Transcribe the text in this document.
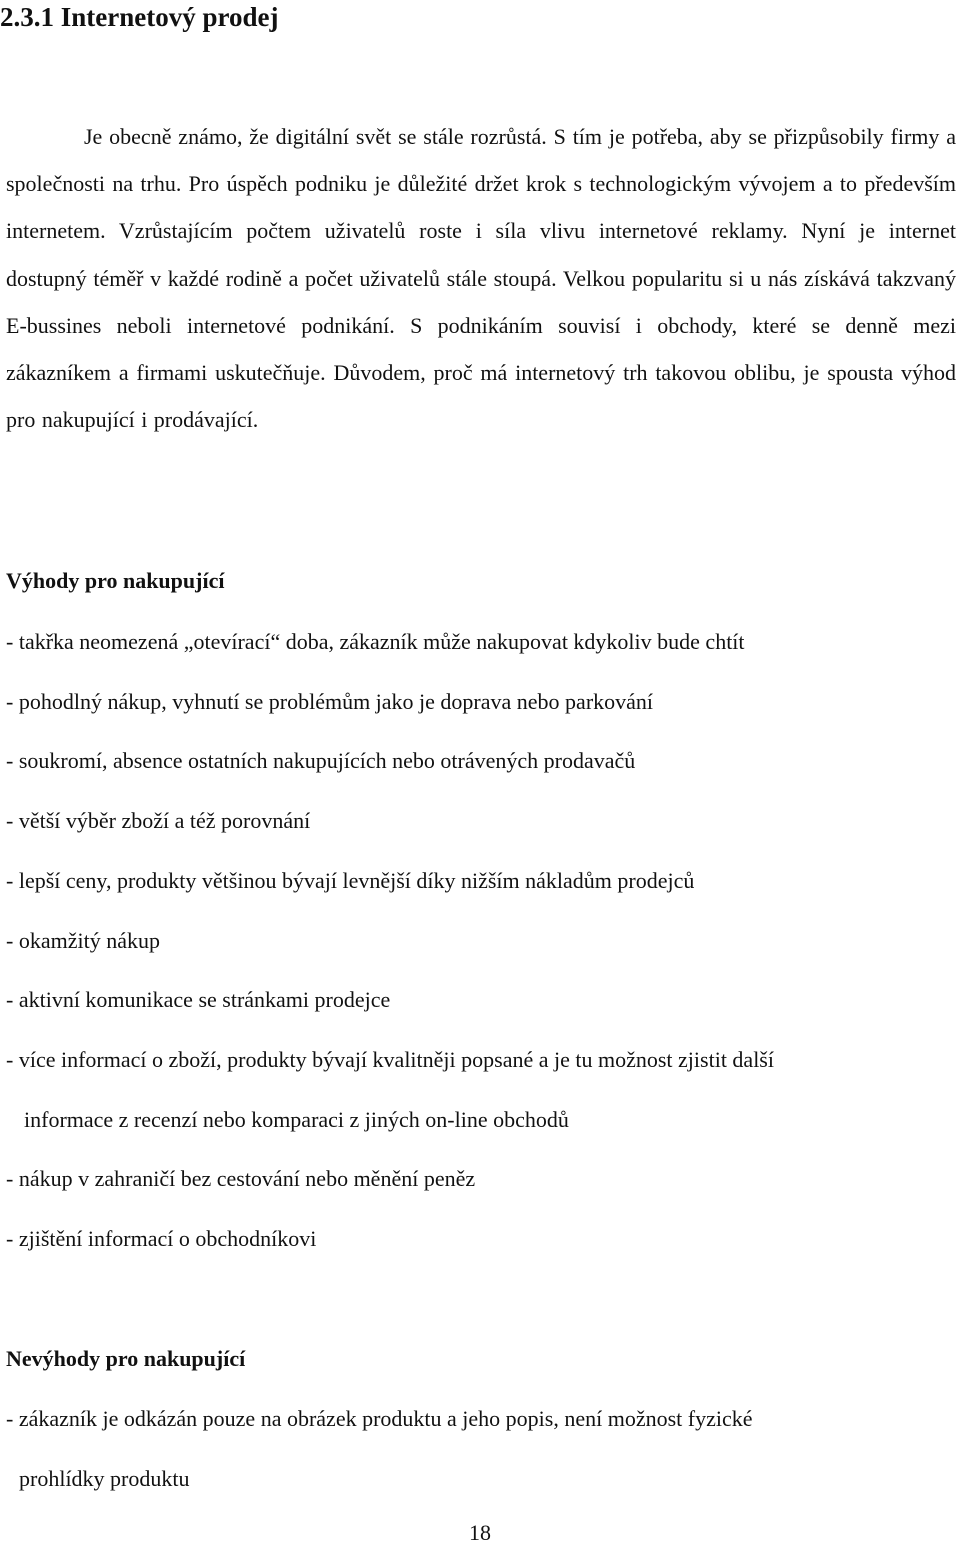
2.3.1 Internetový prodej

Je obecně známo, že digitální svět se stále rozrůstá. S tím je potřeba, aby se přizpůsobily firmy a společnosti na trhu. Pro úspěch podniku je důležité držet krok s technologickým vývojem a to především internetem. Vzrůstajícím počtem uživatelů roste i síla vlivu internetové reklamy. Nyní je internet dostupný téměř v každé rodině a počet uživatelů stále stoupá. Velkou popularitu si u nás získává takzvaný E-bussines neboli internetové podnikání. S podnikáním souvisí i obchody, které se denně mezi zákazníkem a firmami uskutečňuje. Důvodem, proč má internetový trh takovou oblibu, je spousta výhod pro nakupující i prodávající.

Výhody pro nakupující
- takřka neomezená „otevírací“ doba, zákazník může nakupovat kdykoliv bude chtít
- pohodlný nákup, vyhnutí se problémům jako je doprava nebo parkování
- soukromí, absence ostatních nakupujících nebo otrávených prodavačů
- větší výběr zboží a též porovnání
- lepší ceny, produkty většinou bývají levnější díky nižším nákladům prodejců
- okamžitý nákup
- aktivní komunikace se stránkami prodejce
- více informací o zboží, produkty bývají kvalitněji popsané a je tu možnost zjistit další
informace z recenzí nebo komparaci z jiných on-line obchodů
- nákup v zahraničí bez cestování nebo měnění peněz
- zjištění informací o obchodníkovi
Nevýhody pro nakupující
- zákazník je odkázán pouze na obrázek produktu a jeho popis, není možnost fyzické
prohlídky produktu
18
